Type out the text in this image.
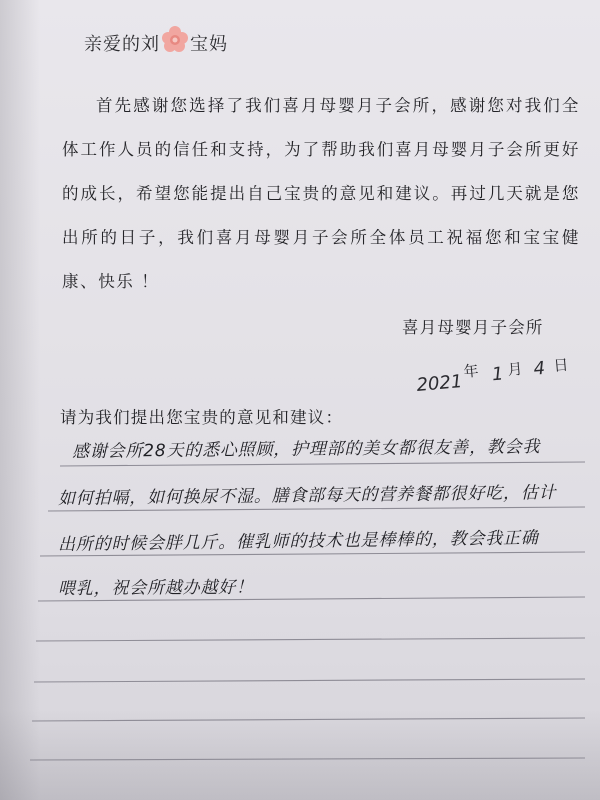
亲爱的刘 宝妈
首先感谢您选择了我们喜月母婴月子会所，感谢您对我们全体工作人员的信任和支持，为了帮助我们喜月母婴月子会所更好的成长，希望您能提出自己宝贵的意见和建议。再过几天就是您出所的日子，我们喜月母婴月子会所全体员工祝福您和宝宝健康、快乐 ！
喜月母婴月子会所
2021 年 1 月 4 日
请为我们提出您宝贵的意见和建议：
感谢会所28天的悉心照顾，护理部的美女都很友善，教会我
如何拍嗝，如何换尿不湿。膳食部每天的营养餐都很好吃，估计
出所的时候会胖几斤。催乳师的技术也是棒棒的，教会我正确
喂乳，祝会所越办越好！
